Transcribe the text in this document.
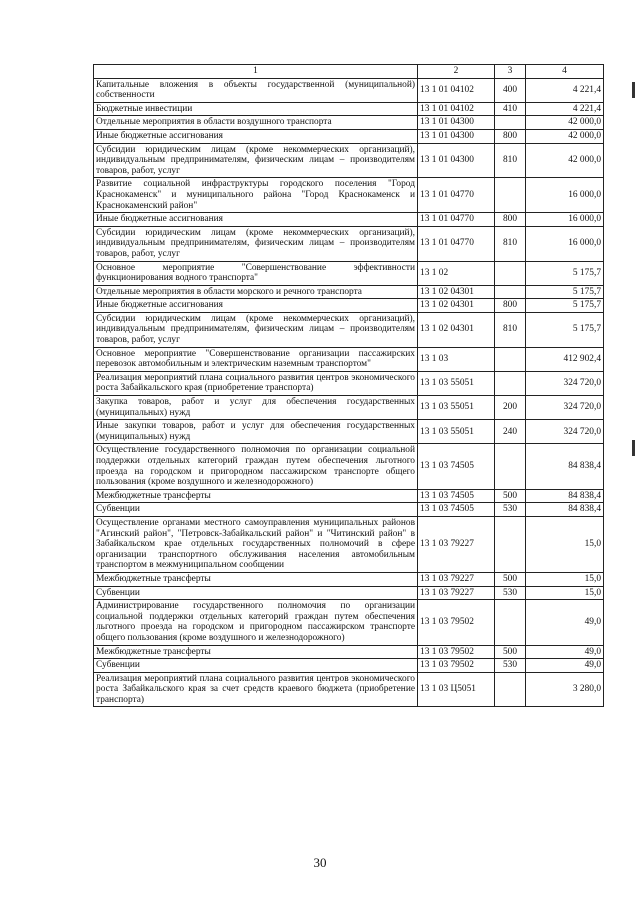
1	2	3	4
Капитальные вложения в объекты государственной (муниципальной) собственности	13 1 01 04102	400	4 221,4
Бюджетные инвестиции	13 1 01 04102	410	4 221,4
Отдельные мероприятия в области воздушного транспорта	13 1 01 04300		42 000,0
Иные бюджетные ассигнования	13 1 01 04300	800	42 000,0
Субсидии юридическим лицам (кроме некоммерческих организаций), индивидуальным предпринимателям, физическим лицам – производителям товаров, работ, услуг	13 1 01 04300	810	42 000,0
Развитие социальной инфраструктуры городского поселения "Город Краснокаменск" и муниципального района "Город Краснокаменск и Краснокаменский район"	13 1 01 04770		16 000,0
Иные бюджетные ассигнования	13 1 01 04770	800	16 000,0
Субсидии юридическим лицам (кроме некоммерческих организаций), индивидуальным предпринимателям, физическим лицам – производителям товаров, работ, услуг	13 1 01 04770	810	16 000,0
Основное мероприятие "Совершенствование эффективности функционирования водного транспорта"	13 1 02		5 175,7
Отдельные мероприятия в области морского и речного транспорта	13 1 02 04301		5 175,7
Иные бюджетные ассигнования	13 1 02 04301	800	5 175,7
Субсидии юридическим лицам (кроме некоммерческих организаций), индивидуальным предпринимателям, физическим лицам – производителям товаров, работ, услуг	13 1 02 04301	810	5 175,7
Основное мероприятие "Совершенствование организации пассажирских перевозок автомобильным и электрическим наземным транспортом"	13 1 03		412 902,4
Реализация мероприятий плана социального развития центров экономического роста Забайкальского края (приобретение транспорта)	13 1 03 55051		324 720,0
Закупка товаров, работ и услуг для обеспечения государственных (муниципальных) нужд	13 1 03 55051	200	324 720,0
Иные закупки товаров, работ и услуг для обеспечения государственных (муниципальных) нужд	13 1 03 55051	240	324 720,0
Осуществление государственного полномочия по организации социальной поддержки отдельных категорий граждан путем обеспечения льготного проезда на городском и пригородном пассажирском транспорте общего пользования (кроме воздушного и железнодорожного)	13 1 03 74505		84 838,4
Межбюджетные трансферты	13 1 03 74505	500	84 838,4
Субвенции	13 1 03 74505	530	84 838,4
Осуществление органами местного самоуправления муниципальных районов "Агинский район", "Петровск-Забайкальский район" и "Читинский район" в Забайкальском крае отдельных государственных полномочий в сфере организации транспортного обслуживания населения автомобильным транспортом в межмуниципальном сообщении	13 1 03 79227		15,0
Межбюджетные трансферты	13 1 03 79227	500	15,0
Субвенции	13 1 03 79227	530	15,0
Администрирование государственного полномочия по организации социальной поддержки отдельных категорий граждан путем обеспечения льготного проезда на городском и пригородном пассажирском транспорте общего пользования (кроме воздушного и железнодорожного)	13 1 03 79502		49,0
Межбюджетные трансферты	13 1 03 79502	500	49,0
Субвенции	13 1 03 79502	530	49,0
Реализация мероприятий плана социального развития центров экономического роста Забайкальского края за счет средств краевого бюджета (приобретение транспорта)	13 1 03 Ц5051		3 280,0
30
